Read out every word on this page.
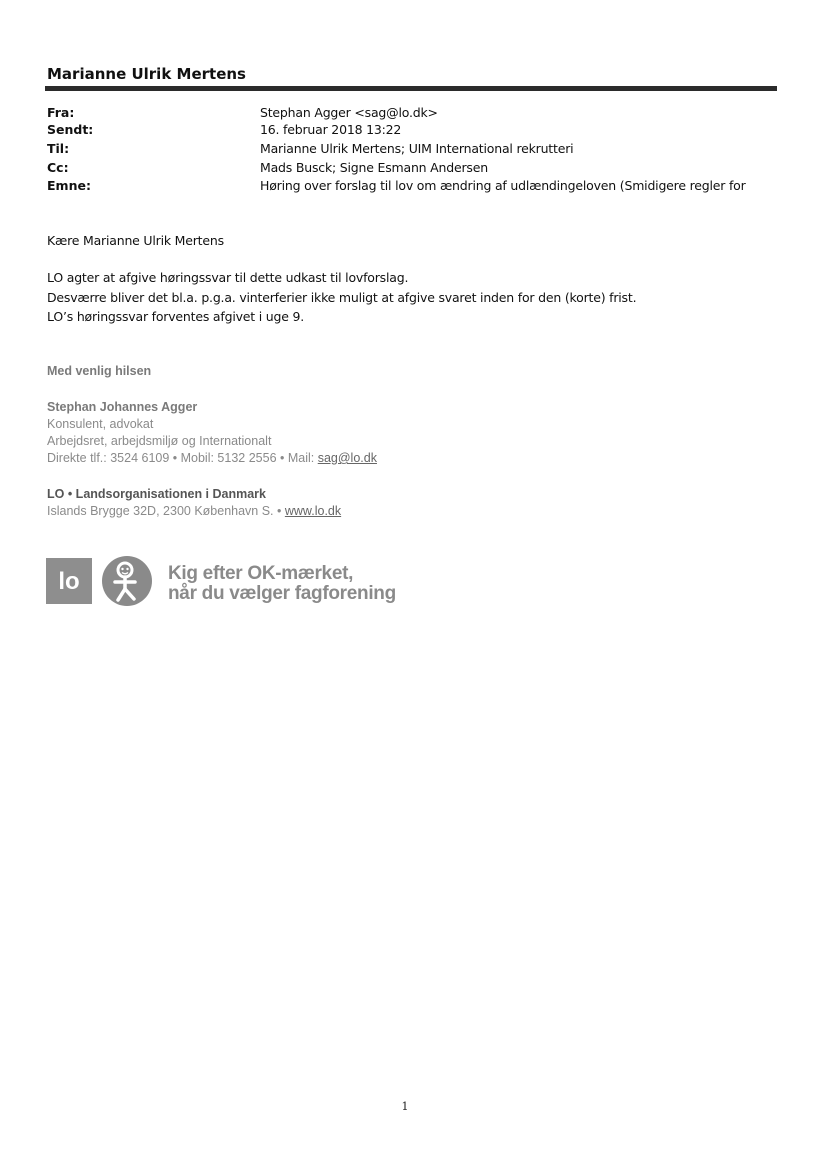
Marianne Ulrik Mertens
Fra:	Stephan Agger <sag@lo.dk>
Sendt:	16. februar 2018 13:22
Til:	Marianne Ulrik Mertens; UIM International rekrutteri
Cc:	Mads Busck; Signe Esmann Andersen
Emne:	Høring over forslag til lov om ændring af udlændingeloven (Smidigere regler for
Kære Marianne Ulrik Mertens
LO agter at afgive høringssvar til dette udkast til lovforslag.
Desværre bliver det bl.a. p.g.a. vinterferier ikke muligt at afgive svaret inden for den (korte) frist.
LO’s høringssvar forventes afgivet i uge 9.
Med venlig hilsen
Stephan Johannes Agger
Konsulent, advokat
Arbejdsret, arbejdsmiljø og Internationalt
Direkte tlf.: 3524 6109 • Mobil: 5132 2556 • Mail: sag@lo.dk
LO • Landsorganisationen i Danmark
Islands Brygge 32D, 2300 København S. • www.lo.dk
lo	Kig efter OK-mærket,
når du vælger fagforening
1
